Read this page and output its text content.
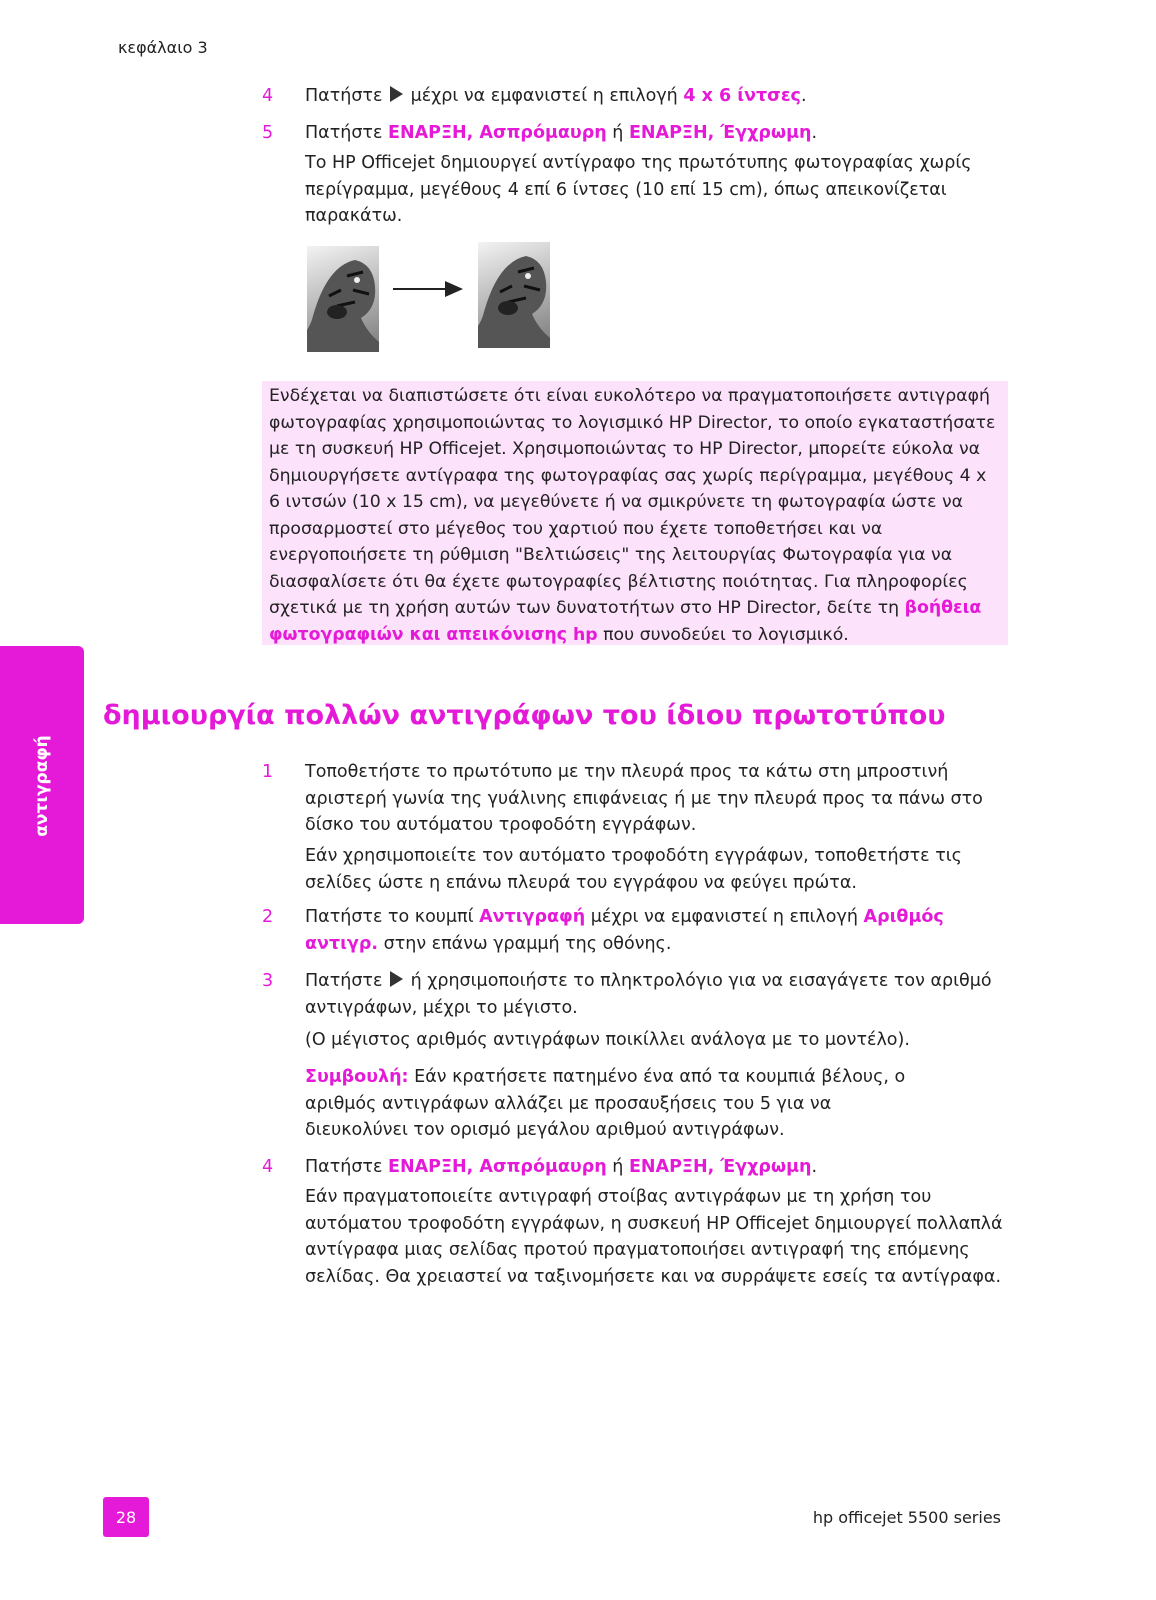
κεφάλαιο 3
4 Πατήστε μέχρι να εμφανιστεί η επιλογή 4 x 6 ίντσες.
5 Πατήστε ΕΝΑΡΞΗ, Ασπρόμαυρη ή ΕΝΑΡΞΗ, Έγχρωμη.
Το HP Officejet δημιουργεί αντίγραφο της πρωτότυπης φωτογραφίας χωρίς περίγραμμα, μεγέθους 4 επί 6 ίντσες (10 επί 15 cm), όπως απεικονίζεται παρακάτω.
Ενδέχεται να διαπιστώσετε ότι είναι ευκολότερο να πραγματοποιήσετε αντιγραφή φωτογραφίας χρησιμοποιώντας το λογισμικό HP Director, το οποίο εγκαταστήσατε με τη συσκευή HP Officejet. Χρησιμοποιώντας το HP Director, μπορείτε εύκολα να δημιουργήσετε αντίγραφα της φωτογραφίας σας χωρίς περίγραμμα, μεγέθους 4 x 6 ιντσών (10 x 15 cm), να μεγεθύνετε ή να σμικρύνετε τη φωτογραφία ώστε να προσαρμοστεί στο μέγεθος του χαρτιού που έχετε τοποθετήσει και να ενεργοποιήσετε τη ρύθμιση "Βελτιώσεις" της λειτουργίας Φωτογραφία για να διασφαλίσετε ότι θα έχετε φωτογραφίες βέλτιστης ποιότητας. Για πληροφορίες σχετικά με τη χρήση αυτών των δυνατοτήτων στο HP Director, δείτε τη βοήθεια φωτογραφιών και απεικόνισης hp που συνοδεύει το λογισμικό.
αντιγραφή
δημιουργία πολλών αντιγράφων του ίδιου πρωτοτύπου
1 Τοποθετήστε το πρωτότυπο με την πλευρά προς τα κάτω στη μπροστινή αριστερή γωνία της γυάλινης επιφάνειας ή με την πλευρά προς τα πάνω στο δίσκο του αυτόματου τροφοδότη εγγράφων.
Εάν χρησιμοποιείτε τον αυτόματο τροφοδότη εγγράφων, τοποθετήστε τις σελίδες ώστε η επάνω πλευρά του εγγράφου να φεύγει πρώτα.
2 Πατήστε το κουμπί Αντιγραφή μέχρι να εμφανιστεί η επιλογή Αριθμός αντιγρ. στην επάνω γραμμή της οθόνης.
3 Πατήστε ή χρησιμοποιήστε το πληκτρολόγιο για να εισαγάγετε τον αριθμό αντιγράφων, μέχρι το μέγιστο.
(Ο μέγιστος αριθμός αντιγράφων ποικίλλει ανάλογα με το μοντέλο).
Συμβουλή: Εάν κρατήσετε πατημένο ένα από τα κουμπιά βέλους, ο αριθμός αντιγράφων αλλάζει με προσαυξήσεις του 5 για να διευκολύνει τον ορισμό μεγάλου αριθμού αντιγράφων.
4 Πατήστε ΕΝΑΡΞΗ, Ασπρόμαυρη ή ΕΝΑΡΞΗ, Έγχρωμη.
Εάν πραγματοποιείτε αντιγραφή στοίβας αντιγράφων με τη χρήση του αυτόματου τροφοδότη εγγράφων, η συσκευή HP Officejet δημιουργεί πολλαπλά αντίγραφα μιας σελίδας προτού πραγματοποιήσει αντιγραφή της επόμενης σελίδας. Θα χρειαστεί να ταξινομήσετε και να συρράψετε εσείς τα αντίγραφα.
28	hp officejet 5500 series
